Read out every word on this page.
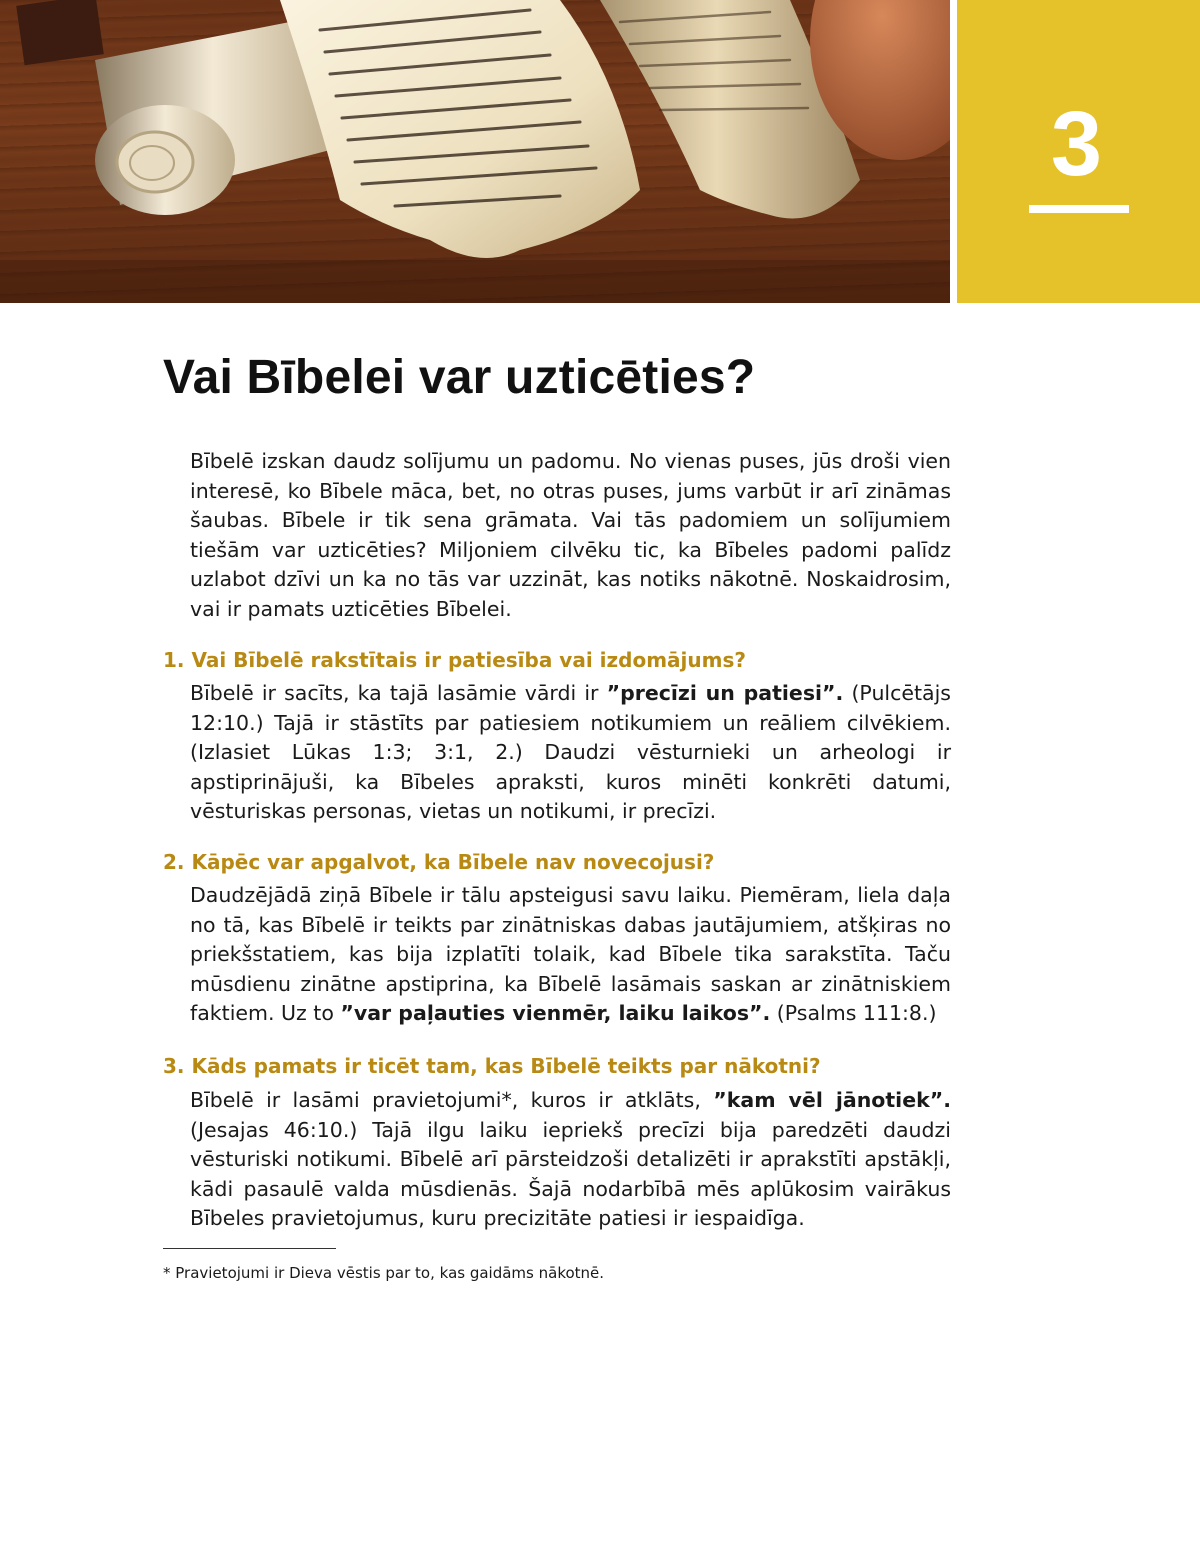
3
Vai Bībelei var uzticēties?

Bībelē izskan daudz solījumu un padomu. No vienas puses, jūs droši vien interesē, ko Bībele māca, bet, no otras puses, jums varbūt ir arī zināmas šaubas. Bībele ir tik sena grāmata. Vai tās padomiem un solījumiem tiešām var uzticēties? Miljoniem cilvēku tic, ka Bībeles padomi palīdz uzlabot dzīvi un ka no tās var uzzināt, kas notiks nākotnē. Noskaidrosim, vai ir pamats uzticēties Bībelei.

1. Vai Bībelē rakstītais ir patiesība vai izdomājums?

Bībelē ir sacīts, ka tajā lasāmie vārdi ir ”precīzi un patiesi”. (Pulcētājs 12:10.) Tajā ir stāstīts par patiesiem notikumiem un reāliem cilvēkiem. (Izlasiet Lūkas 1:3; 3:1, 2.) Daudzi vēsturnieki un arheologi ir apstiprinājuši, ka Bībeles apraksti, kuros minēti konkrēti datumi, vēsturiskas personas, vietas un notikumi, ir precīzi.

2. Kāpēc var apgalvot, ka Bībele nav novecojusi?

Daudzējādā ziņā Bībele ir tālu apsteigusi savu laiku. Piemēram, liela daļa no tā, kas Bībelē ir teikts par zinātniskas dabas jautājumiem, atšķiras no priekšstatiem, kas bija izplatīti tolaik, kad Bībele tika sarakstīta. Taču mūsdienu zinātne apstiprina, ka Bībelē lasāmais saskan ar zinātniskiem faktiem. Uz to ”var paļauties vienmēr, laiku laikos”. (Psalms 111:8.)

3. Kāds pamats ir ticēt tam, kas Bībelē teikts par nākotni?

Bībelē ir lasāmi pravietojumi*, kuros ir atklāts, ”kam vēl jānotiek”. (Jesajas 46:10.) Tajā ilgu laiku iepriekš precīzi bija paredzēti daudzi vēsturiski notikumi. Bībelē arī pārsteidzoši detalizēti ir aprakstīti apstākļi, kādi pasaulē valda mūsdienās. Šajā nodarbībā mēs aplūkosim vairākus Bībeles pravietojumus, kuru precizitāte patiesi ir iespaidīga.

* Pravietojumi ir Dieva vēstis par to, kas gaidāms nākotnē.
